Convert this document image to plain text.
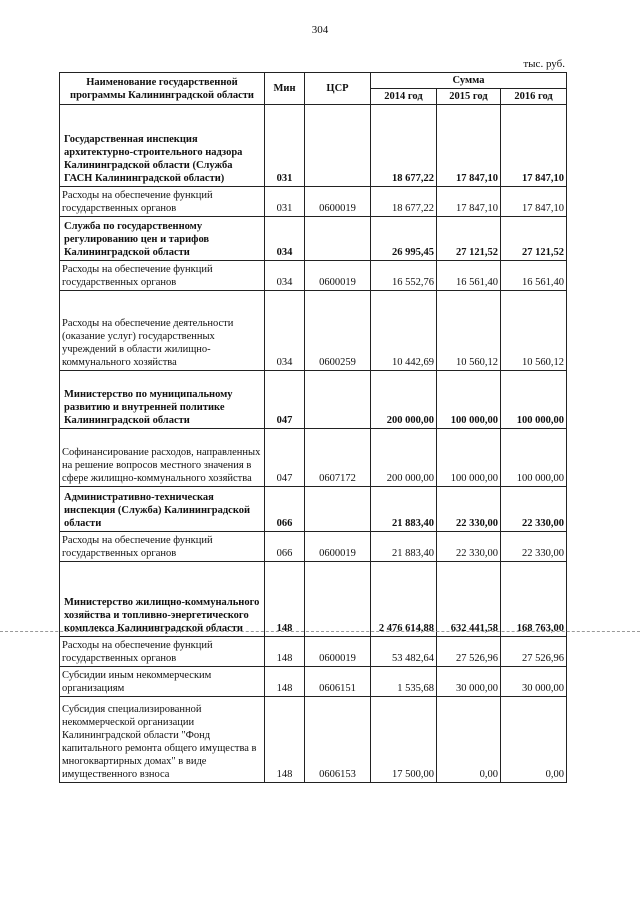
304
тыс. руб.
Наименование государственной программы Калининградской области	Мин	ЦСР	Сумма		
			2014 год	2015 год	2016 год
Государственная инспекция архитектурно-строительного надзора Калининградской области (Служба ГАСН Калининградской области)	031		18 677,22	17 847,10	17 847,10
Расходы на обеспечение функций государственных органов	031	0600019	18 677,22	17 847,10	17 847,10
Служба по государственному регулированию цен и тарифов Калининградской области	034		26 995,45	27 121,52	27 121,52
Расходы на обеспечение функций государственных органов	034	0600019	16 552,76	16 561,40	16 561,40
Расходы на обеспечение деятельности (оказание услуг) государственных учреждений в области жилищно-коммунального хозяйства	034	0600259	10 442,69	10 560,12	10 560,12
Министерство по муниципальному развитию и внутренней политике Калининградской области	047		200 000,00	100 000,00	100 000,00
Софинансирование расходов, направленных на решение вопросов местного значения в сфере жилищно-коммунального хозяйства	047	0607172	200 000,00	100 000,00	100 000,00
Административно-техническая инспекция (Служба) Калининградской области	066		21 883,40	22 330,00	22 330,00
Расходы на обеспечение функций государственных органов	066	0600019	21 883,40	22 330,00	22 330,00
Министерство жилищно-коммунального хозяйства и топливно-энергетического комплекса Калининградской области	148		2 476 614,88	632 441,58	168 763,00
Расходы на обеспечение функций государственных органов	148	0600019	53 482,64	27 526,96	27 526,96
Субсидии иным некоммерческим организациям	148	0606151	1 535,68	30 000,00	30 000,00
Субсидия специализированной некоммерческой организации Калининградской области "Фонд капитального ремонта общего имущества в многоквартирных домах" в виде имущественного взноса	148	0606153	17 500,00	0,00	0,00
